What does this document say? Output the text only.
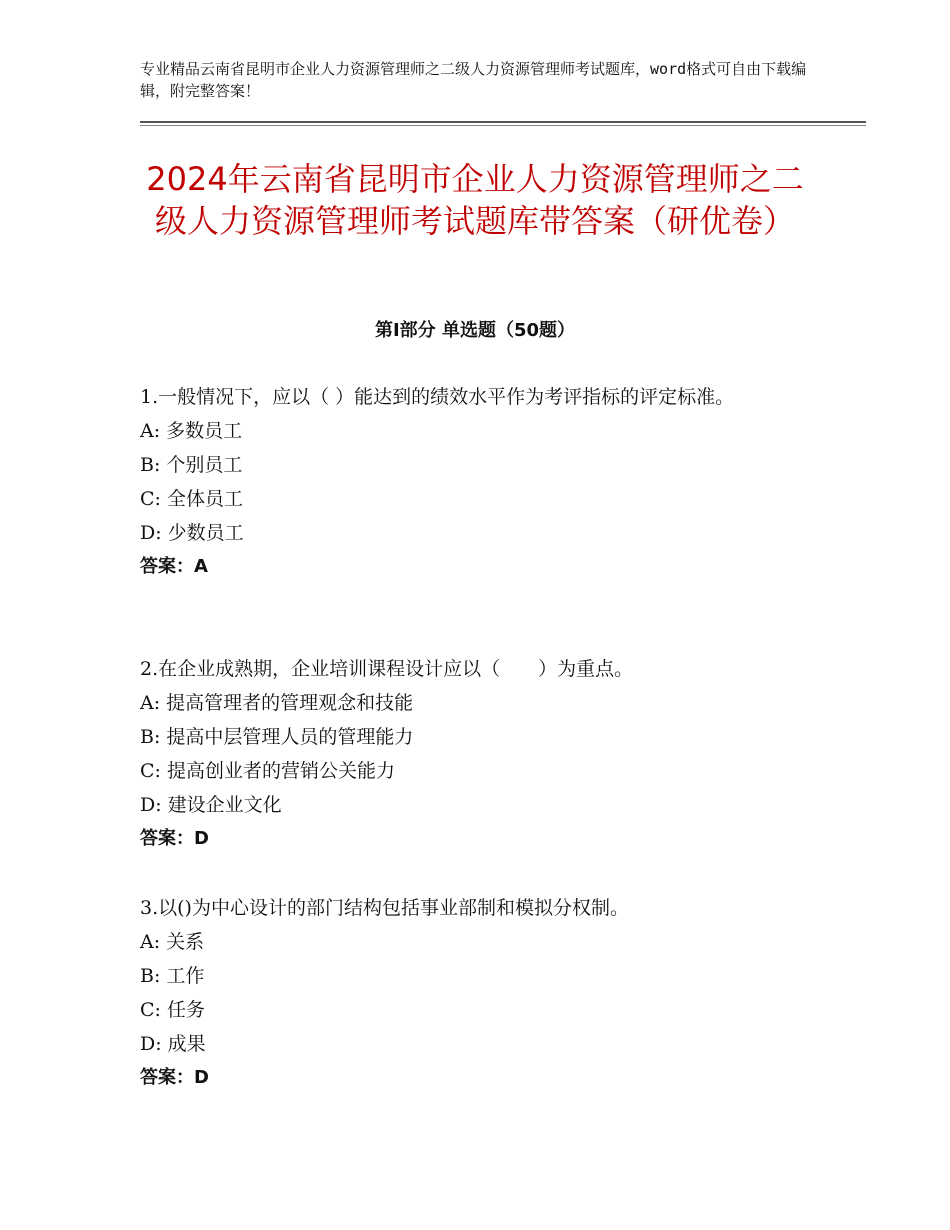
专业精品云南省昆明市企业人力资源管理师之二级人力资源管理师考试题库，word格式可自由下载编辑，附完整答案！
2024年云南省昆明市企业人力资源管理师之二级人力资源管理师考试题库带答案（研优卷）
第Ⅰ部分 单选题（50题）

1.一般情况下，应以（ ）能达到的绩效水平作为考评指标的评定标准。

A: 多数员工

B: 个别员工

C: 全体员工

D: 少数员工

答案：A

2.在企业成熟期，企业培训课程设计应以（　　）为重点。

A: 提高管理者的管理观念和技能

B: 提高中层管理人员的管理能力

C: 提高创业者的营销公关能力

D: 建设企业文化

答案：D

3.以()为中心设计的部门结构包括事业部制和模拟分权制。

A: 关系

B: 工作

C: 任务

D: 成果

答案：D
